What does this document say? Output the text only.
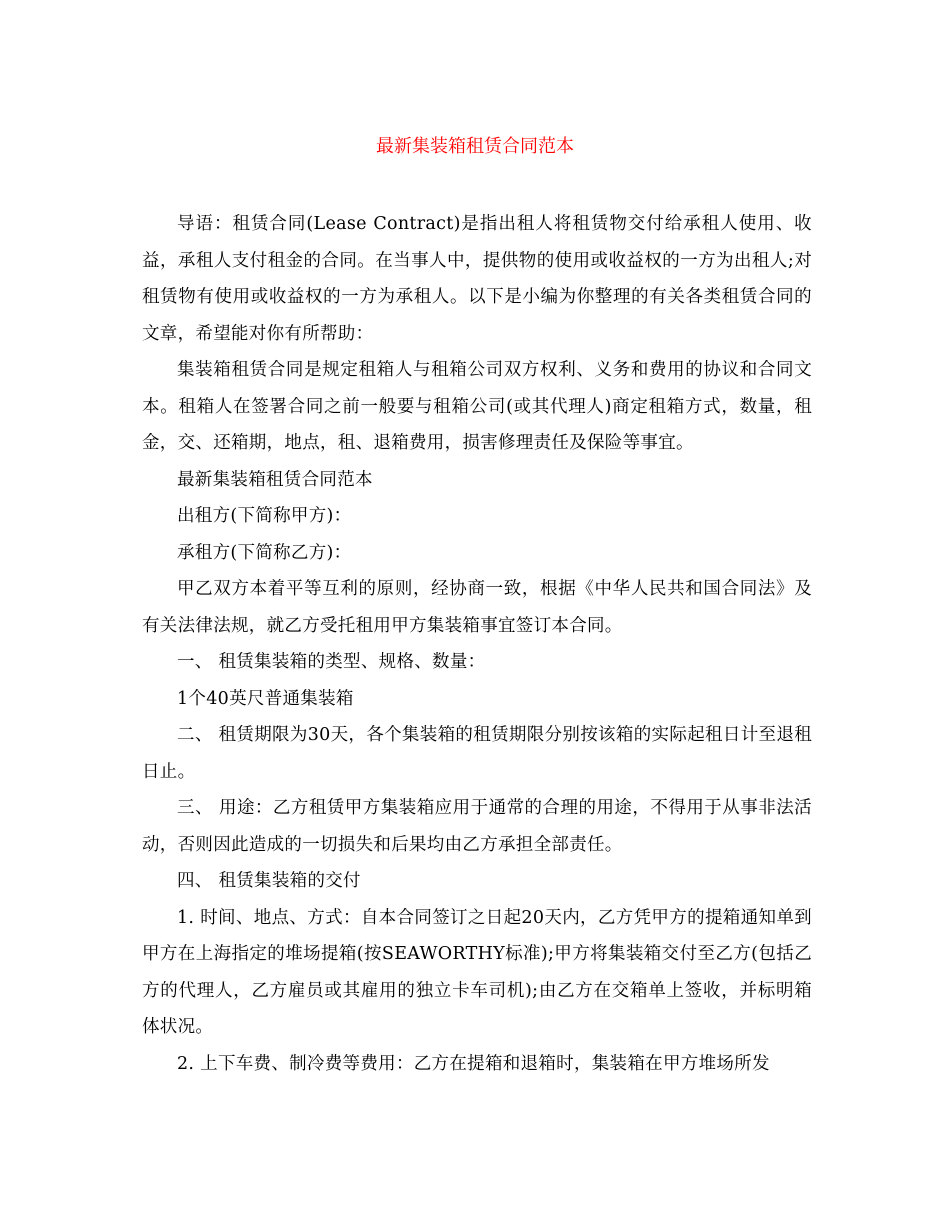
最新集装箱租赁合同范本

导语：租赁合同(Lease Contract)是指出租人将租赁物交付给承租人使用、收益，承租人支付租金的合同。在当事人中，提供物的使用或收益权的一方为出租人;对租赁物有使用或收益权的一方为承租人。以下是小编为你整理的有关各类租赁合同的文章，希望能对你有所帮助：

集装箱租赁合同是规定租箱人与租箱公司双方权利、义务和费用的协议和合同文本。租箱人在签署合同之前一般要与租箱公司(或其代理人)商定租箱方式，数量，租金，交、还箱期，地点，租、退箱费用，损害修理责任及保险等事宜。

最新集装箱租赁合同范本

出租方(下简称甲方)：

承租方(下简称乙方)：

甲乙双方本着平等互利的原则，经协商一致，根据《中华人民共和国合同法》及有关法律法规，就乙方受托租用甲方集装箱事宜签订本合同。

一、 租赁集装箱的类型、规格、数量：

1个40英尺普通集装箱

二、 租赁期限为30天，各个集装箱的租赁期限分别按该箱的实际起租日计至退租日止。

三、 用途：乙方租赁甲方集装箱应用于通常的合理的用途，不得用于从事非法活动，否则因此造成的一切损失和后果均由乙方承担全部责任。

四、 租赁集装箱的交付

1. 时间、地点、方式：自本合同签订之日起20天内，乙方凭甲方的提箱通知单到甲方在上海指定的堆场提箱(按SEAWORTHY标准);甲方将集装箱交付至乙方(包括乙方的代理人，乙方雇员或其雇用的独立卡车司机);由乙方在交箱单上签收，并标明箱体状况。

2. 上下车费、制冷费等费用：乙方在提箱和退箱时，集装箱在甲方堆场所发
